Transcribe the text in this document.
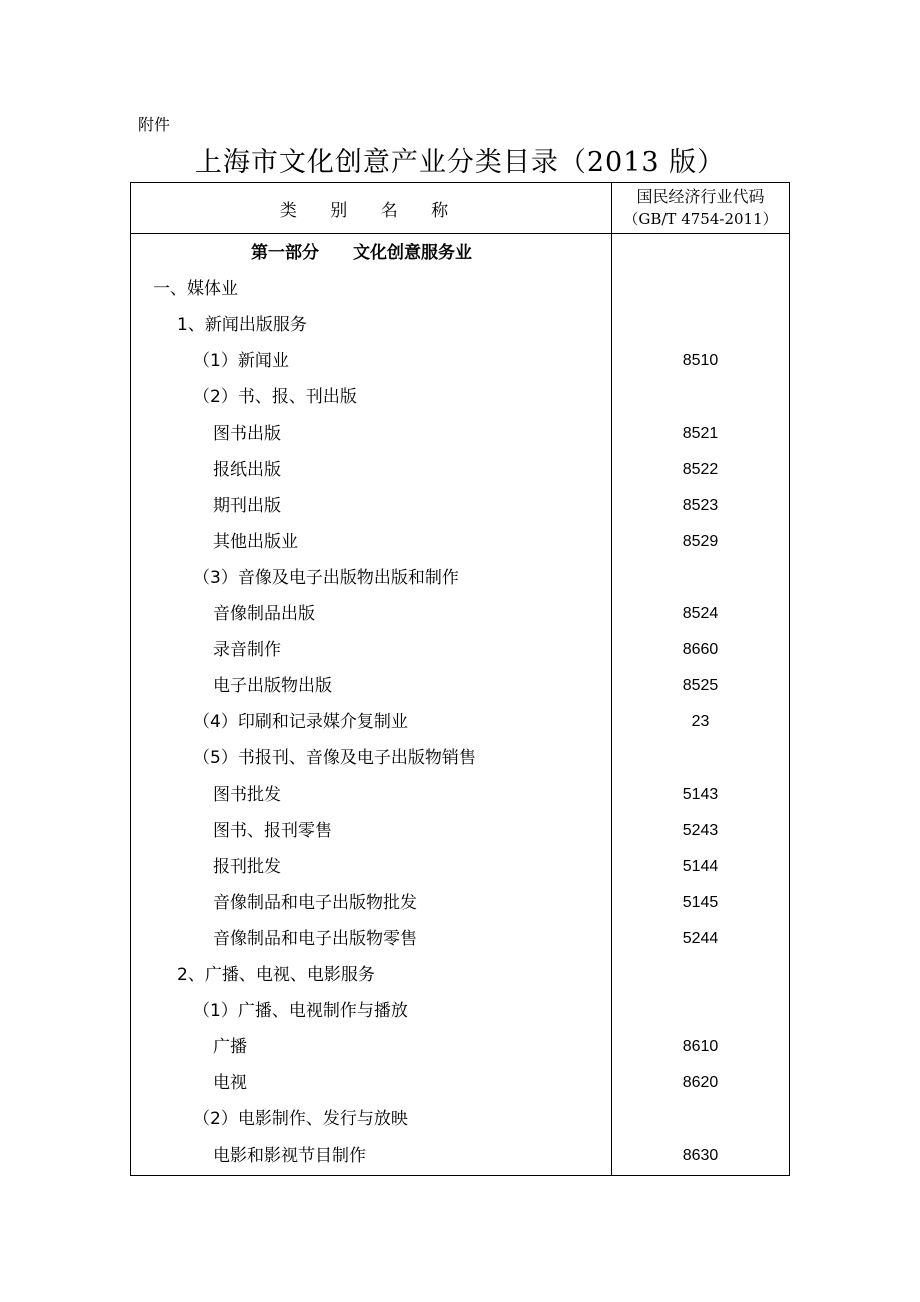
附件
上海市文化创意产业分类目录（2013 版）
类 别 名 称
国民经济行业代码
（GB/T 4754-2011）
第一部分　　文化创意服务业
一、媒体业
1、新闻出版服务
（1）新闻业	8510
（2）书、报、刊出版
图书出版	8521
报纸出版	8522
期刊出版	8523
其他出版业	8529
（3）音像及电子出版物出版和制作
音像制品出版	8524
录音制作	8660
电子出版物出版	8525
（4）印刷和记录媒介复制业	23
（5）书报刊、音像及电子出版物销售
图书批发	5143
图书、报刊零售	5243
报刊批发	5144
音像制品和电子出版物批发	5145
音像制品和电子出版物零售	5244
2、广播、电视、电影服务
（1）广播、电视制作与播放
广播	8610
电视	8620
（2）电影制作、发行与放映
电影和影视节目制作	8630
